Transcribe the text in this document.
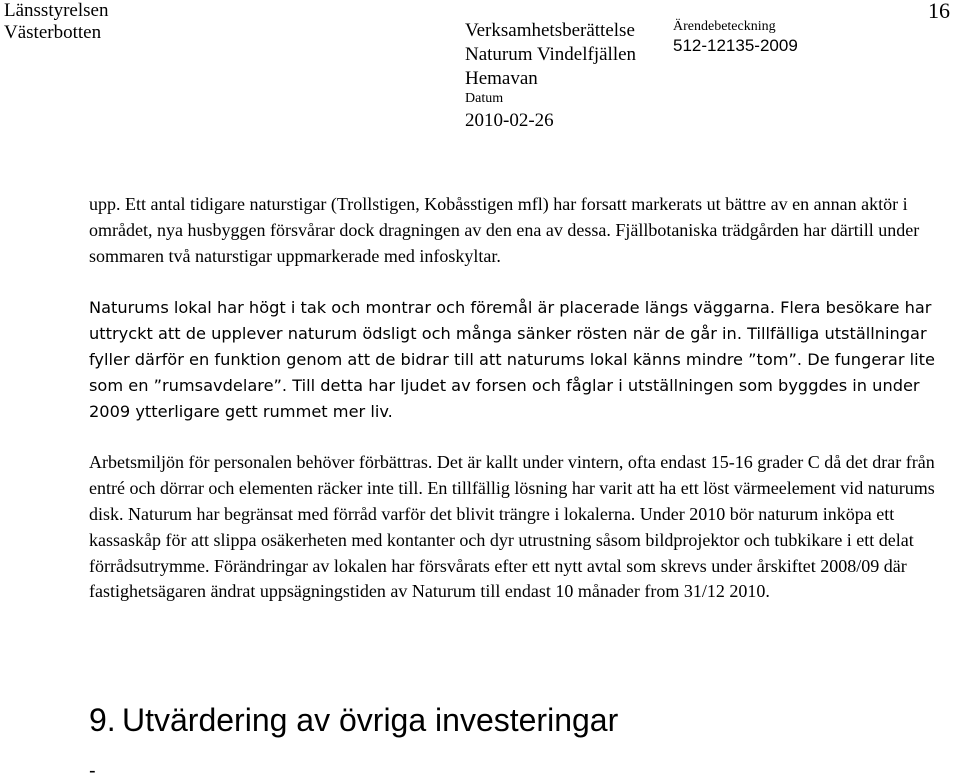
Länsstyrelsen
Västerbotten	Verksamhetsberättelse
Naturum Vindelfjällen
Hemavan
Datum
2010-02-26
Ärendebeteckning
512-12135-2009
16

upp. Ett antal tidigare naturstigar (Trollstigen, Kobåsstigen mfl) har forsatt markerats ut bättre av en annan aktör i området, nya husbyggen försvårar dock dragningen av den ena av dessa. Fjällbotaniska trädgården har därtill under sommaren två naturstigar uppmarkerade med infoskyltar.

Naturums lokal har högt i tak och montrar och föremål är placerade längs väggarna. Flera besökare har uttryckt att de upplever naturum ödsligt och många sänker rösten när de går in. Tillfälliga utställningar fyller därför en funktion genom att de bidrar till att naturums lokal känns mindre ”tom”. De fungerar lite som en ”rumsavdelare”. Till detta har ljudet av forsen och fåglar i utställningen som byggdes in under 2009 ytterligare gett rummet mer liv.

Arbetsmiljön för personalen behöver förbättras. Det är kallt under vintern, ofta endast 15-16 grader C då det drar från entré och dörrar och elementen räcker inte till. En tillfällig lösning har varit att ha ett löst värmeelement vid naturums disk. Naturum har begränsat med förråd varför det blivit trängre i lokalerna. Under 2010 bör naturum inköpa ett kassaskåp för att slippa osäkerheten med kontanter och dyr utrustning såsom bildprojektor och tubkikare i ett delat förrådsutrymme. Förändringar av lokalen har försvårats efter ett nytt avtal som skrevs under årskiftet 2008/09 där fastighetsägaren ändrat uppsägningstiden av Naturum till endast 10 månader from 31/12 2010.

9. Utvärdering av övriga investeringar
-
